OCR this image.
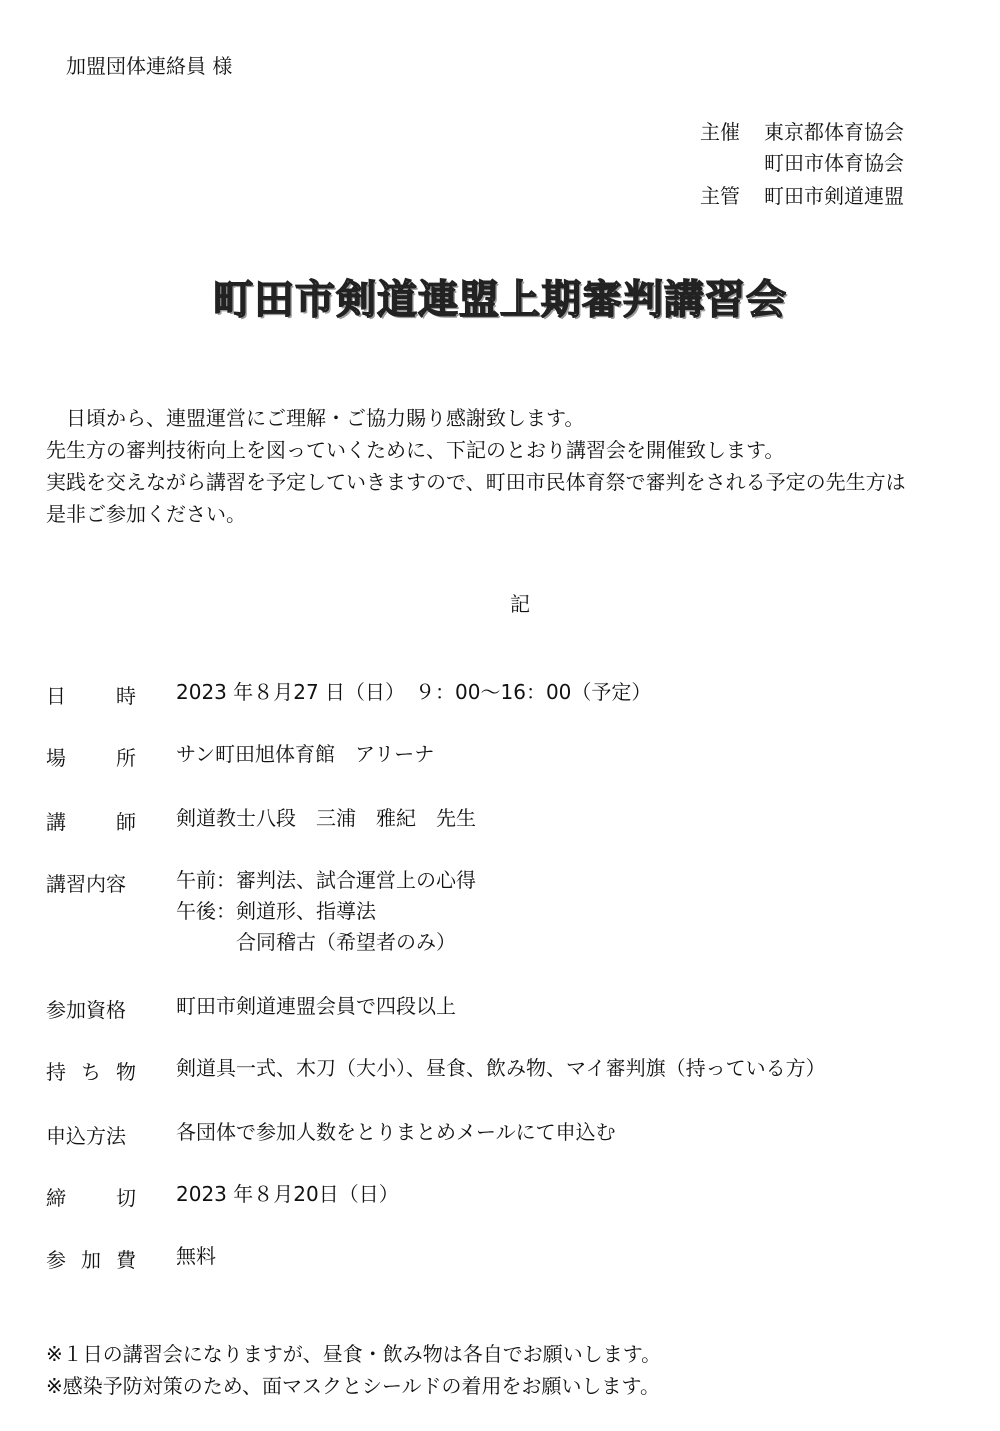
加盟団体連絡員 様
主催 東京都体育協会
町田市体育協会
主管 町田市剣道連盟
町田市剣道連盟上期審判講習会
　日頃から、連盟運営にご理解・ご協力賜り感謝致します。
先生方の審判技術向上を図っていくために、下記のとおり講習会を開催致します。
実践を交えながら講習を予定していきますので、町田市民体育祭で審判をされる予定の先生方は
是非ご参加ください。
記
日	時 2023 年８月27 日（日）　９：00～16：00（予定）
場	所 サン町田旭体育館　アリーナ
講	師 剣道教士八段　三浦　雅紀　先生
講習内容	午前：審判法、試合運営上の心得
午後：剣道形、指導法
　　　合同稽古（希望者のみ）
参加資格	町田市剣道連盟会員で四段以上
持 ち 物 剣道具一式、木刀（大小）、昼食、飲み物、マイ審判旗（持っている方）
申込方法	各団体で参加人数をとりまとめメールにて申込む
締	切 2023 年８月20日（日）
参 加 費 無料
※１日の講習会になりますが、昼食・飲み物は各自でお願いします。
※感染予防対策のため、面マスクとシールドの着用をお願いします。
